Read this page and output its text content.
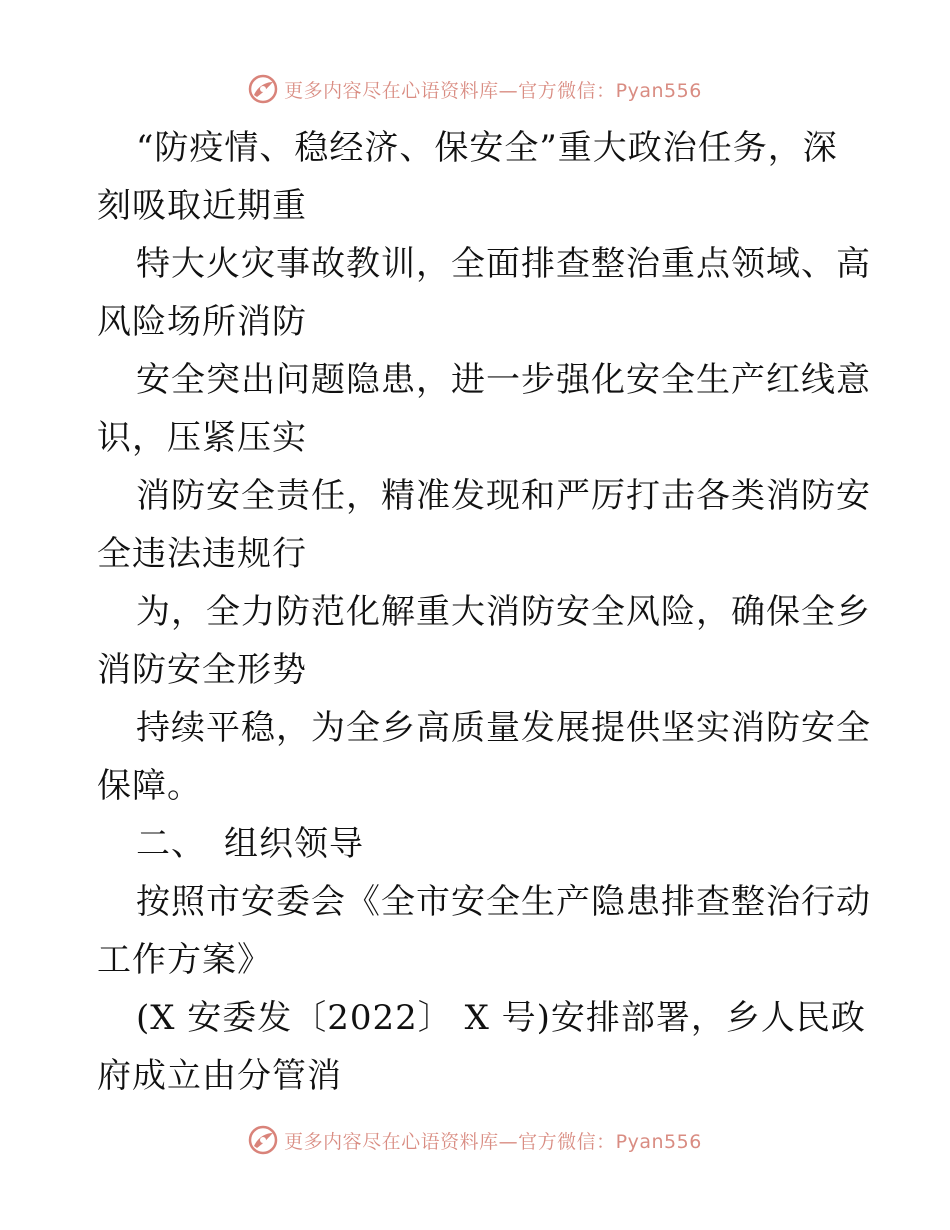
更多内容尽在心语资料库—官方微信：Pyan556
“防疫情、稳经济、保安全”重大政治任务，深
刻吸取近期重
特大火灾事故教训，全面排查整治重点领域、高
风险场所消防
安全突出问题隐患，进一步强化安全生产红线意
识，压紧压实
消防安全责任，精准发现和严厉打击各类消防安
全违法违规行
为，全力防范化解重大消防安全风险，确保全乡
消防安全形势
持续平稳，为全乡高质量发展提供坚实消防安全
保障。
二、　组织领导
按照市安委会《全市安全生产隐患排查整治行动
工作方案》
(X 安委发〔2022〕 X 号)安排部署，乡人民政
府成立由分管消
更多内容尽在心语资料库—官方微信：Pyan556
